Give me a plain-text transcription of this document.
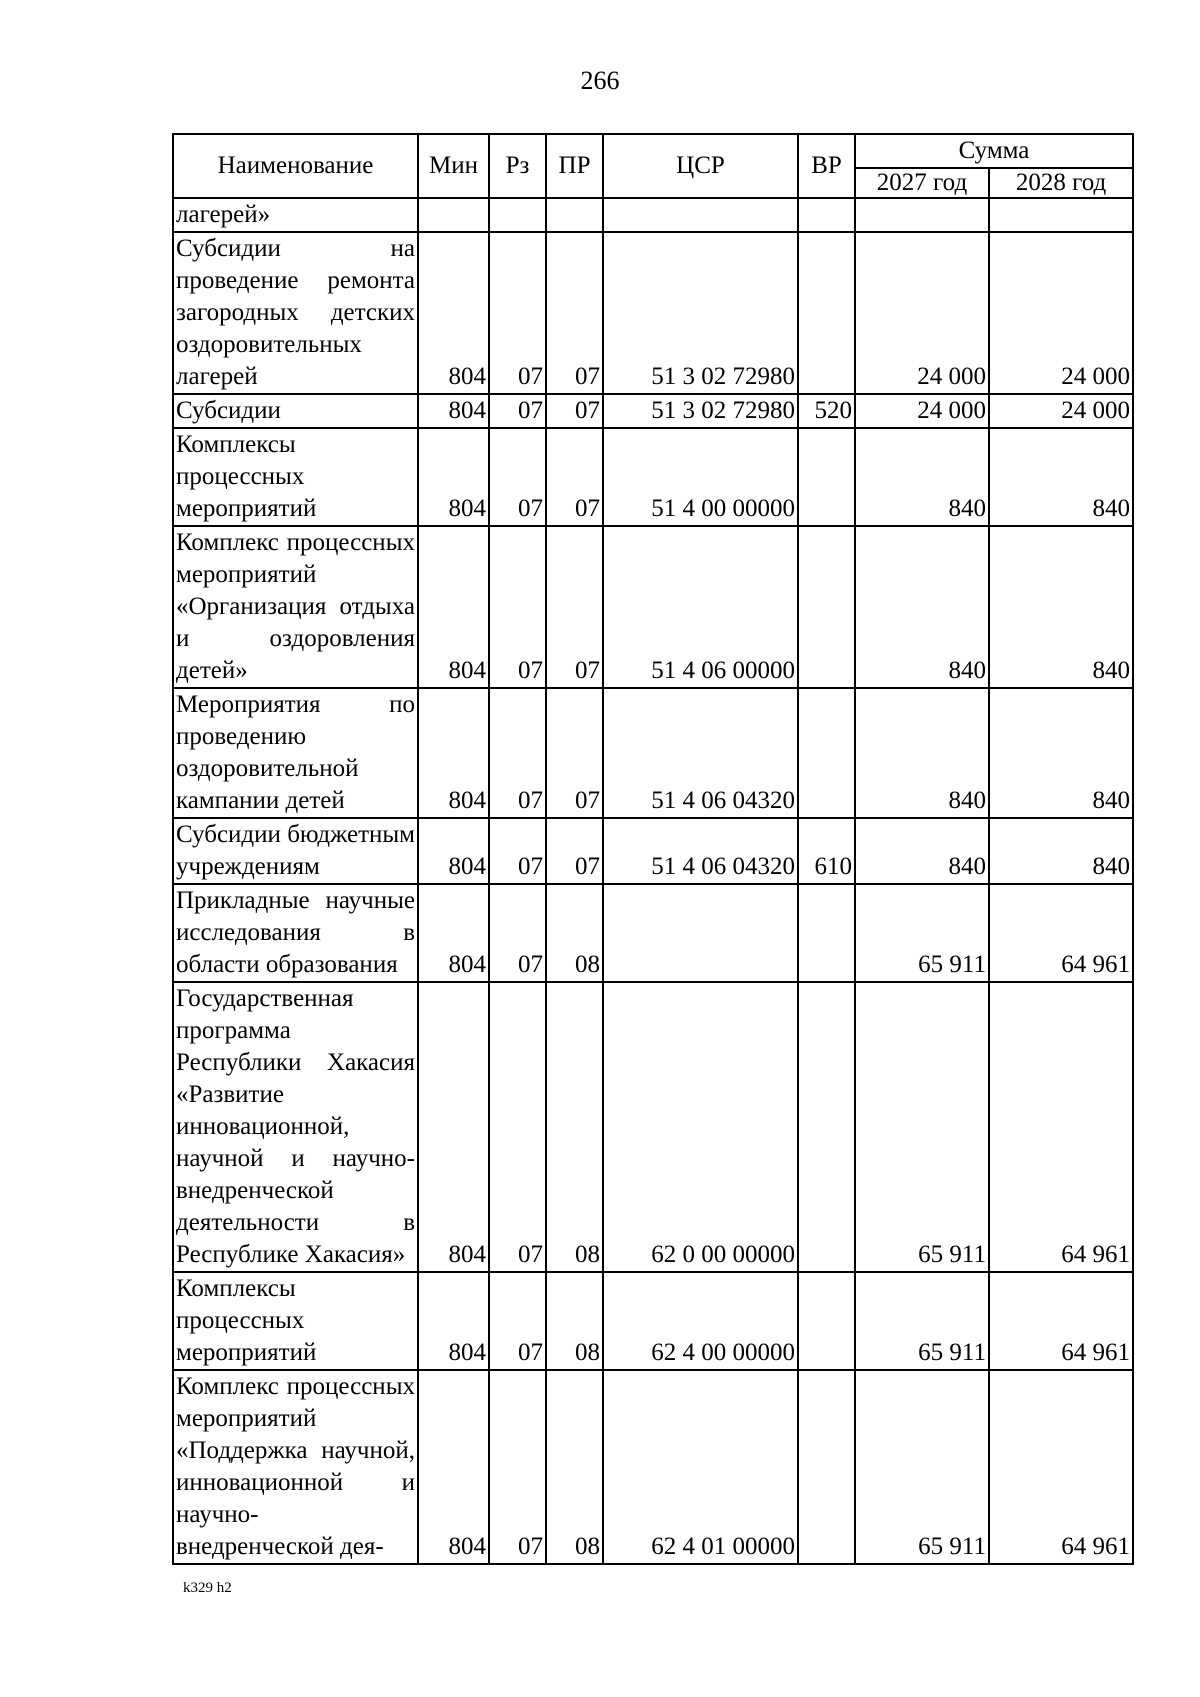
266
Наименование	Мин	Рз	ПР	ЦСР	ВР	Сумма	
						2027 год	2028 год
лагерей»							
Субсидии на проведение ремонта загородных детских оздоровительных лагерей	804	07	07	51 3 02 72980		24 000	24 000
Субсидии	804	07	07	51 3 02 72980	520	24 000	24 000
Комплексы процессных мероприятий	804	07	07	51 4 00 00000		840	840
Комплекс процессных мероприятий «Организация отдыха и оздоровления детей»	804	07	07	51 4 06 00000		840	840
Мероприятия по проведению оздоровительной кампании детей	804	07	07	51 4 06 04320		840	840
Субсидии бюджетным учреждениям	804	07	07	51 4 06 04320	610	840	840
Прикладные научные исследования в области образования	804	07	08			65 911	64 961
Государственная программа Республики Хакасия «Развитие инновационной, научной и научно-внедренческой деятельности в Республике Хакасия»	804	07	08	62 0 00 00000		65 911	64 961
Комплексы процессных мероприятий	804	07	08	62 4 00 00000		65 911	64 961
Комплекс процессных мероприятий «Поддержка научной, инновационной и научно-внедренческой дея-	804	07	08	62 4 01 00000		65 911	64 961
k329 h2
